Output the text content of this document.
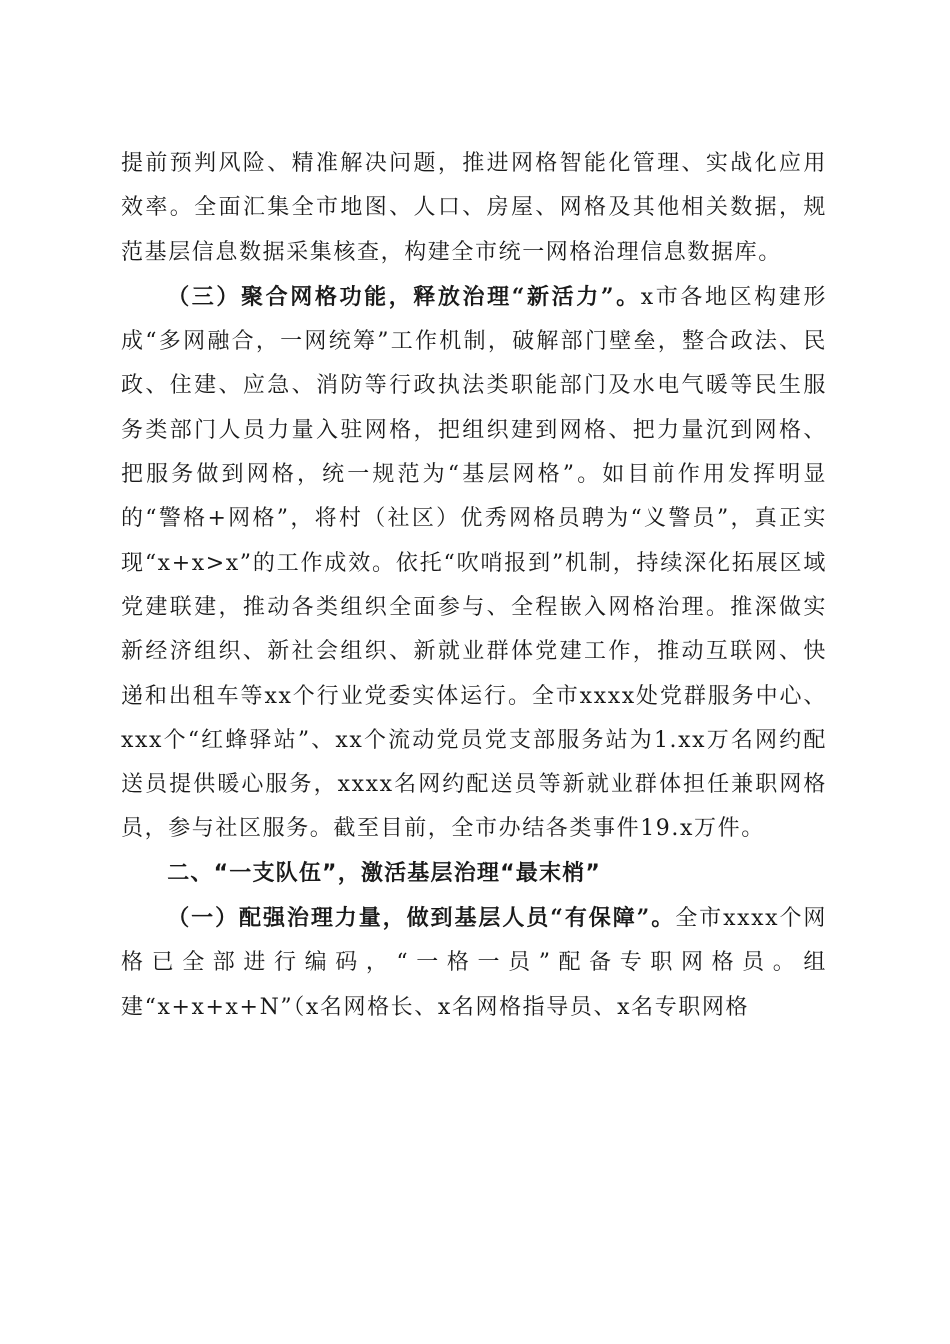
提前预判风险、精准解决问题，推进网格智能化管理、实战化应用效率。全面汇集全市地图、人口、房屋、网格及其他相关数据，规范基层信息数据采集核查，构建全市统一网格治理信息数据库。

（三）聚合网格功能，释放治理“新活力”。x市各地区构建形成“多网融合，一网统筹”工作机制，破解部门壁垒，整合政法、民政、住建、应急、消防等行政执法类职能部门及水电气暖等民生服务类部门人员力量入驻网格，把组织建到网格、把力量沉到网格、把服务做到网格，统一规范为“基层网格”。如目前作用发挥明显的“警格+网格”，将村（社区）优秀网格员聘为“义警员”，真正实现“x+x>x”的工作成效。依托“吹哨报到”机制，持续深化拓展区域党建联建，推动各类组织全面参与、全程嵌入网格治理。推深做实新经济组织、新社会组织、新就业群体党建工作，推动互联网、快递和出租车等xx个行业党委实体运行。全市xxxx处党群服务中心、xxx个“红蜂驿站”、xx个流动党员党支部服务站为1.xx万名网约配送员提供暖心服务，xxxx名网约配送员等新就业群体担任兼职网格员，参与社区服务。截至目前，全市办结各类事件19.x万件。

二、“一支队伍”，激活基层治理“最末梢”

（一）配强治理力量，做到基层人员“有保障”。全市xxxx个网格已全部进行编码，“一格一员”配备专职网格员。组建“x+x+x+N”（x名网格长、x名网格指导员、x名专职网格
